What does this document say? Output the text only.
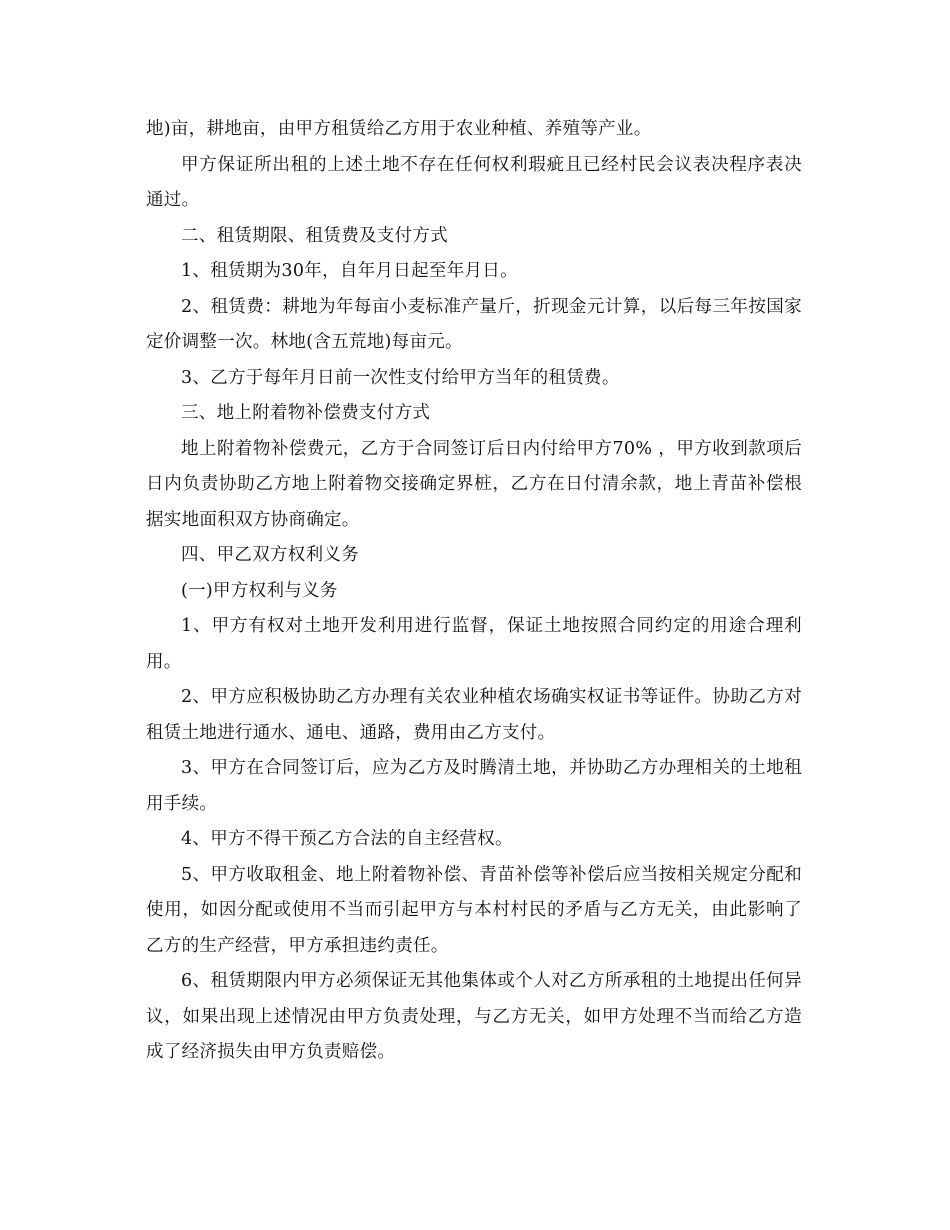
地)亩，耕地亩，由甲方租赁给乙方用于农业种植、养殖等产业。

甲方保证所出租的上述土地不存在任何权利瑕疵且已经村民会议表决程序表决通过。

二、租赁期限、租赁费及支付方式

1、租赁期为30年，自年月日起至年月日。

2、租赁费：耕地为年每亩小麦标准产量斤，折现金元计算，以后每三年按国家定价调整一次。林地(含五荒地)每亩元。

3、乙方于每年月日前一次性支付给甲方当年的租赁费。

三、地上附着物补偿费支付方式

地上附着物补偿费元，乙方于合同签订后日内付给甲方70% ，甲方收到款项后日内负责协助乙方地上附着物交接确定界桩，乙方在日付清余款，地上青苗补偿根据实地面积双方协商确定。

四、甲乙双方权利义务

(一)甲方权利与义务

1、甲方有权对土地开发利用进行监督，保证土地按照合同约定的用途合理利用。

2、甲方应积极协助乙方办理有关农业种植农场确实权证书等证件。协助乙方对租赁土地进行通水、通电、通路，费用由乙方支付。

3、甲方在合同签订后，应为乙方及时腾清土地，并协助乙方办理相关的土地租用手续。

4、甲方不得干预乙方合法的自主经营权。

5、甲方收取租金、地上附着物补偿、青苗补偿等补偿后应当按相关规定分配和使用，如因分配或使用不当而引起甲方与本村村民的矛盾与乙方无关，由此影响了乙方的生产经营，甲方承担违约责任。

6、租赁期限内甲方必须保证无其他集体或个人对乙方所承租的土地提出任何异议，如果出现上述情况由甲方负责处理，与乙方无关，如甲方处理不当而给乙方造成了经济损失由甲方负责赔偿。
